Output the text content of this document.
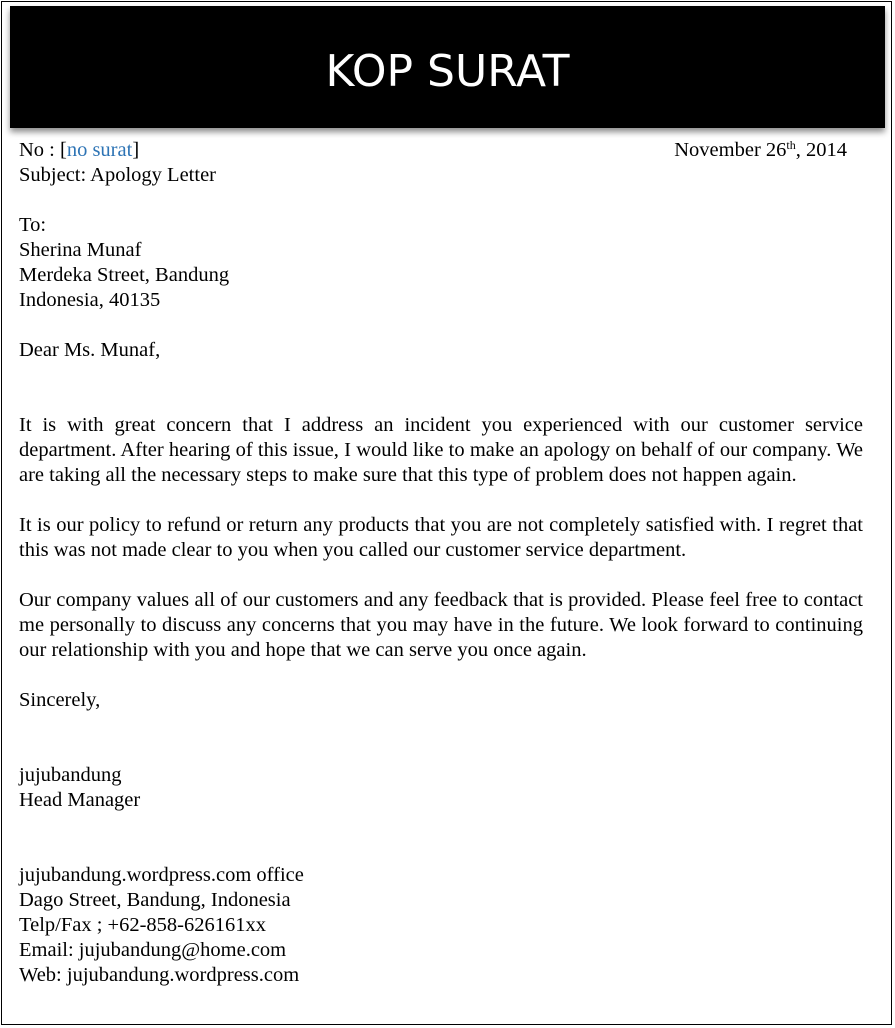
KOP SURAT
No : [no surat]	November 26th, 2014
Subject: Apology Letter
To:
Sherina Munaf
Merdeka Street, Bandung
Indonesia, 40135
Dear Ms. Munaf,

It is with great concern that I address an incident you experienced with our customer service department. After hearing of this issue, I would like to make an apology on behalf of our company. We are taking all the necessary steps to make sure that this type of problem does not happen again.

It is our policy to refund or return any products that you are not completely satisfied with. I regret that this was not made clear to you when you called our customer service department.

Our company values all of our customers and any feedback that is provided. Please feel free to contact me personally to discuss any concerns that you may have in the future. We look forward to continuing our relationship with you and hope that we can serve you once again.

Sincerely,
jujubandung
Head Manager
jujubandung.wordpress.com office
Dago Street, Bandung, Indonesia
Telp/Fax ; +62-858-626161xx
Email: jujubandung@home.com
Web: jujubandung.wordpress.com
